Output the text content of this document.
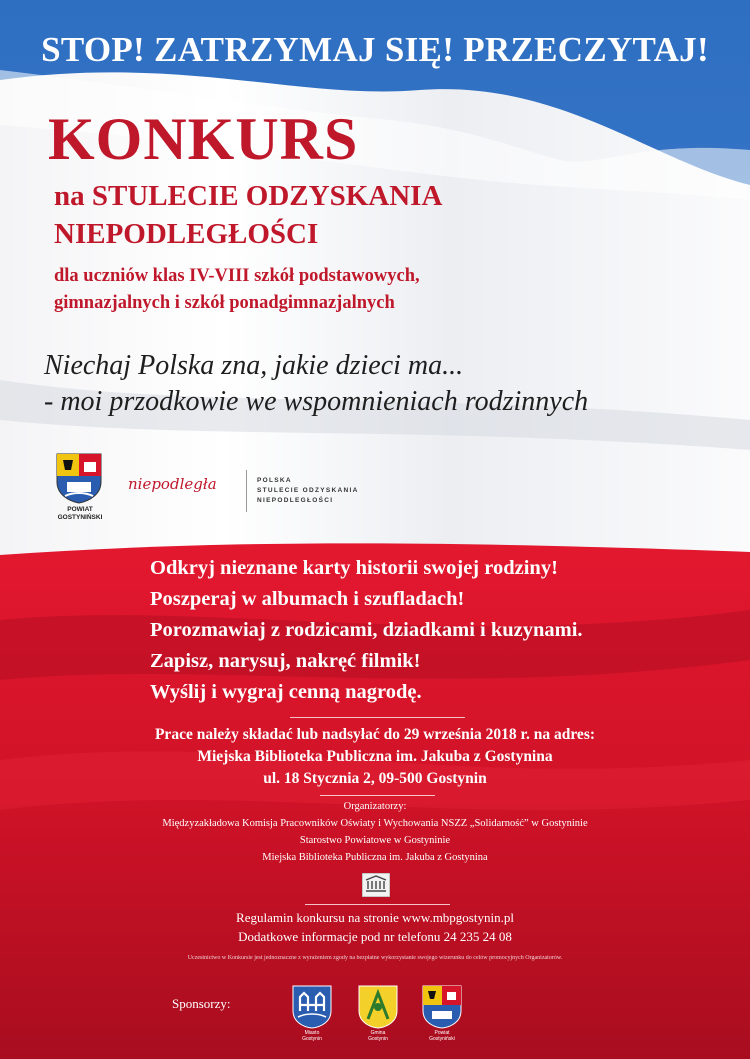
STOP! ZATRZYMAJ SIĘ! PRZECZYTAJ!
KONKURS
na STULECIE ODZYSKANIA
NIEPODLEGŁOŚCI
dla uczniów klas IV-VIII szkół podstawowych,
gimnazjalnych i szkół ponadgimnazjalnych
Niechaj Polska zna, jakie dzieci ma...
- moi przodkowie we wspomnieniach rodzinnych
POWIAT
GOSTYNIŃSKI
niepodległa	POLSKA
STULECIE ODZYSKANIA
NIEPODLEGŁOŚCI
Odkryj nieznane karty historii swojej rodziny!
Poszperaj w albumach i szufladach!
Porozmawiaj z rodzicami, dziadkami i kuzynami.
Zapisz, narysuj, nakręć filmik!
Wyślij i wygraj cenną nagrodę.
Prace należy składać lub nadsyłać do 29 września 2018 r. na adres:
Miejska Biblioteka Publiczna im. Jakuba z Gostynina
ul. 18 Stycznia 2, 09-500 Gostynin
Organizatorzy:
Międzyzakładowa Komisja Pracowników Oświaty i Wychowania NSZZ „Solidarność” w Gostyninie
Starostwo Powiatowe w Gostyninie
Miejska Biblioteka Publiczna im. Jakuba z Gostynina
Regulamin konkursu na stronie www.mbpgostynin.pl
Dodatkowe informacje pod nr telefonu 24 235 24 08
Uczestnictwo w Konkursie jest jednoznaczne z wyrażeniem zgody na bezpłatne wykorzystanie swojego wizerunku do celów promocyjnych Organizatorów.
Sponsorzy:
Miasto
Gostynin
Gmina
Gostynin
Powiat
Gostyniński
